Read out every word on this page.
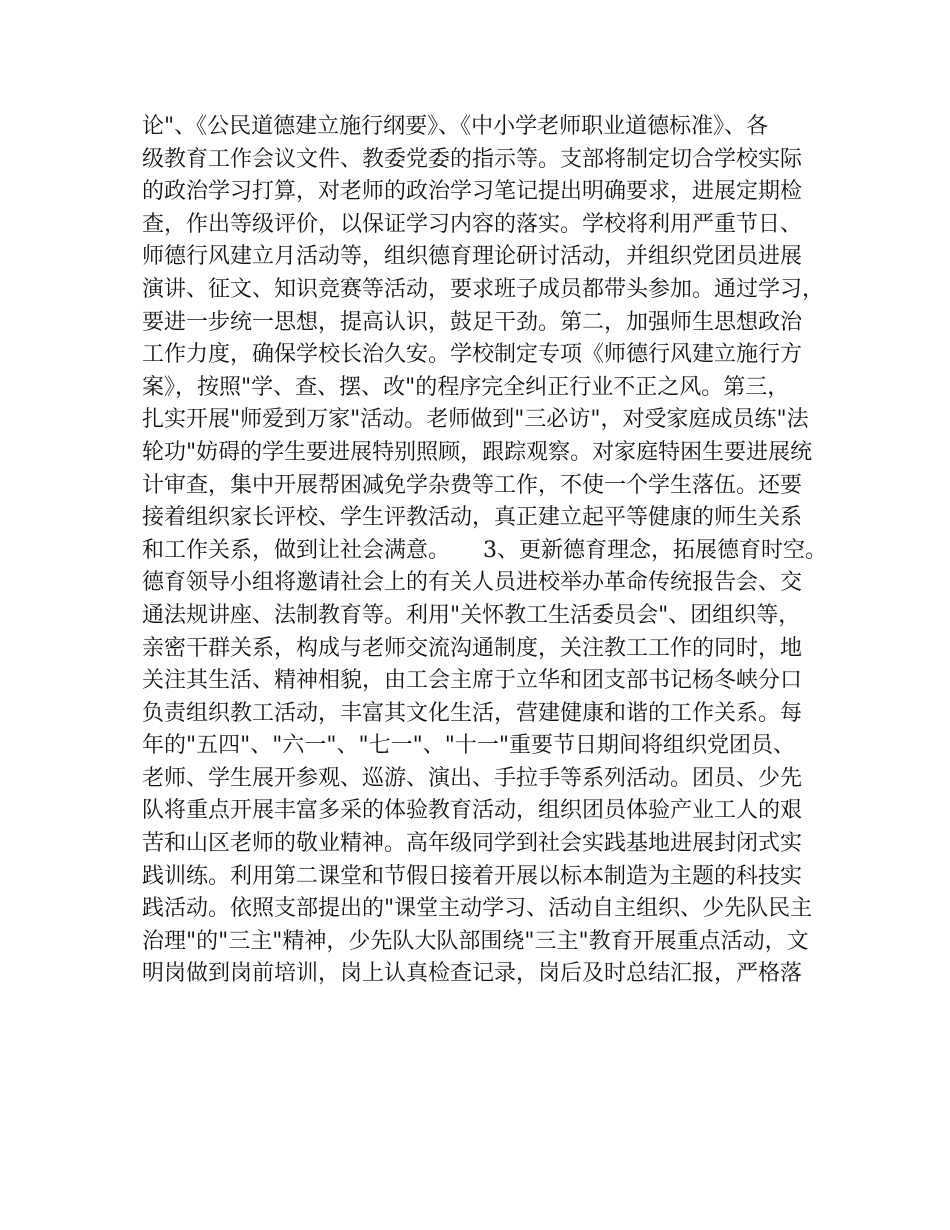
论"、《公民道德建立施行纲要》、《中小学老师职业道德标准》、各
级教育工作会议文件、教委党委的指示等。支部将制定切合学校实际
的政治学习打算，对老师的政治学习笔记提出明确要求，进展定期检
查，作出等级评价，以保证学习内容的落实。学校将利用严重节日、
师德行风建立月活动等，组织德育理论研讨活动，并组织党团员进展
演讲、征文、知识竞赛等活动，要求班子成员都带头参加。通过学习，
要进一步统一思想，提高认识，鼓足干劲。第二，加强师生思想政治
工作力度，确保学校长治久安。学校制定专项《师德行风建立施行方
案》，按照"学、查、摆、改"的程序完全纠正行业不正之风。第三，
扎实开展"师爱到万家"活动。老师做到"三必访"，对受家庭成员练"法
轮功"妨碍的学生要进展特别照顾，跟踪观察。对家庭特困生要进展统
计审查，集中开展帮困减免学杂费等工作，不使一个学生落伍。还要
接着组织家长评校、学生评教活动，真正建立起平等健康的师生关系
和工作关系，做到让社会满意。　　3、更新德育理念，拓展德育时空。
德育领导小组将邀请社会上的有关人员进校举办革命传统报告会、交
通法规讲座、法制教育等。利用"关怀教工生活委员会"、团组织等，
亲密干群关系，构成与老师交流沟通制度，关注教工工作的同时，地
关注其生活、精神相貌，由工会主席于立华和团支部书记杨冬峡分口
负责组织教工活动，丰富其文化生活，营建健康和谐的工作关系。每
年的"五四"、"六一"、"七一"、"十一"重要节日期间将组织党团员、
老师、学生展开参观、巡游、演出、手拉手等系列活动。团员、少先
队将重点开展丰富多采的体验教育活动，组织团员体验产业工人的艰
苦和山区老师的敬业精神。高年级同学到社会实践基地进展封闭式实
践训练。利用第二课堂和节假日接着开展以标本制造为主题的科技实
践活动。依照支部提出的"课堂主动学习、活动自主组织、少先队民主
治理"的"三主"精神，少先队大队部围绕"三主"教育开展重点活动，文
明岗做到岗前培训，岗上认真检查记录，岗后及时总结汇报，严格落
